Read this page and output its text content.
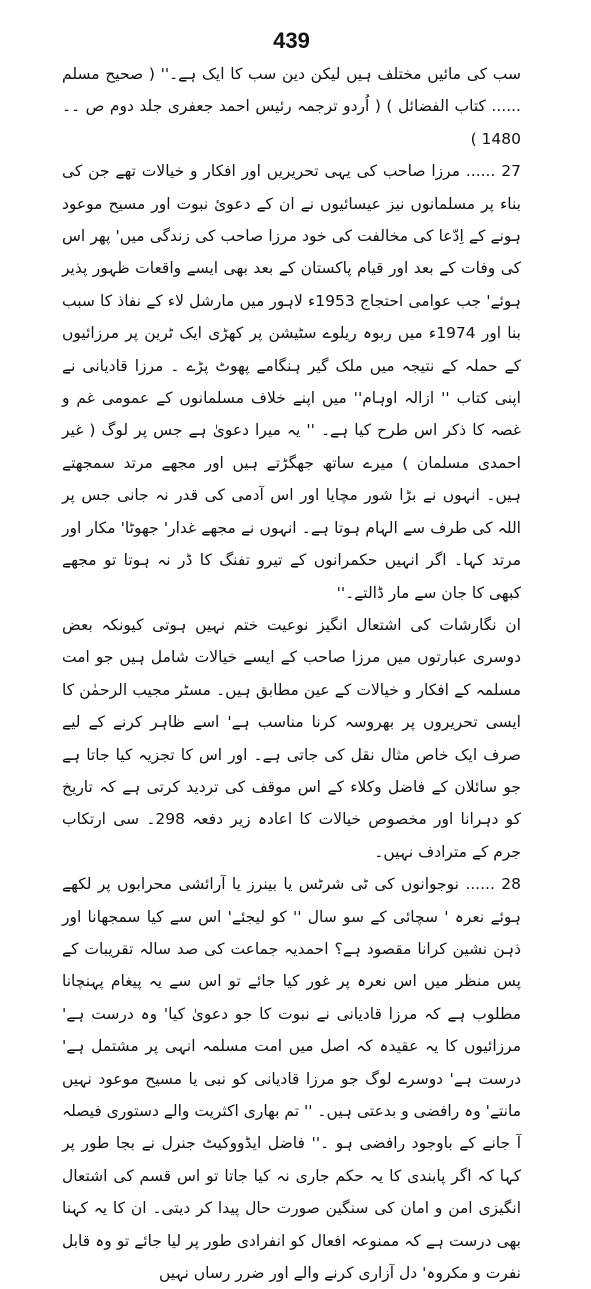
439

سب کی مائیں مختلف ہیں لیکن دین سب کا ایک ہے۔'' ( صحیح مسلم ...... کتاب الفضائل ) ( اُردو ترجمہ رئیس احمد جعفری جلد دوم ص ۔۔ 1480 )

27 ...... مرزا صاحب کی یہی تحریریں اور افکار و خیالات تھے جن کی بناء پر مسلمانوں نیز عیسائیوں نے ان کے دعوئ نبوت اور مسیح موعود ہونے کے اِدّعا کی مخالفت کی خود مرزا صاحب کی زندگی میں' پھر اس کی وفات کے بعد اور قیام پاکستان کے بعد بھی ایسے واقعات ظہور پذیر ہوئے' جب عوامی احتجاج 1953ء لاہور میں مارشل لاء کے نفاذ کا سبب بنا اور 1974ء میں ربوہ ریلوے سٹیشن پر کھڑی ایک ٹرین پر مرزائیوں کے حملہ کے نتیجہ میں ملک گیر ہنگامے پھوٹ پڑے ۔ مرزا قادیانی نے اپنی کتاب '' ازالہ اوہام'' میں اپنے خلاف مسلمانوں کے عمومی غم و غصہ کا ذکر اس طرح کیا ہے۔ '' یہ میرا دعویٰ ہے جس پر لوگ ( غیر احمدی مسلمان ) میرے ساتھ جھگڑتے ہیں اور مجھے مرتد سمجھتے ہیں۔ انہوں نے بڑا شور مچایا اور اس آدمی کی قدر نہ جانی جس پر اللہ کی طرف سے الہام ہوتا ہے۔ انہوں نے مجھے غدار' جھوٹا' مکار اور مرتد کہا۔ اگر انہیں حکمرانوں کے تیرو تفنگ کا ڈر نہ ہوتا تو مجھے کبھی کا جان سے مار ڈالتے۔''

ان نگارشات کی اشتعال انگیز نوعیت ختم نہیں ہوتی کیونکہ بعض دوسری عبارتوں میں مرزا صاحب کے ایسے خیالات شامل ہیں جو امت مسلمہ کے افکار و خیالات کے عین مطابق ہیں۔ مسٹر مجیب الرحمٰن کا ایسی تحریروں پر بھروسہ کرنا مناسب ہے' اسے ظاہر کرنے کے لیے صرف ایک خاص مثال نقل کی جاتی ہے۔ اور اس کا تجزیہ کیا جاتا ہے جو سائلان کے فاضل وکلاء کے اس موقف کی تردید کرتی ہے کہ تاریخ کو دہرانا اور مخصوص خیالات کا اعادہ زیر دفعہ 298۔ سی ارتکاب جرم کے مترادف نہیں۔

28 ...... نوجوانوں کی ٹی شرٹس یا بینرز یا آرائشی محرابوں پر لکھے ہوئے نعرہ ' سچائی کے سو سال '' کو لیجئے' اس سے کیا سمجھانا اور ذہن نشین کرانا مقصود ہے؟ احمدیہ جماعت کی صد سالہ تقریبات کے پس منظر میں اس نعرہ پر غور کیا جائے تو اس سے یہ پیغام پہنچانا مطلوب ہے کہ مرزا قادیانی نے نبوت کا جو دعویٰ کیا' وہ درست ہے' مرزائیوں کا یہ عقیدہ کہ اصل میں امت مسلمہ انہی پر مشتمل ہے' درست ہے' دوسرے لوگ جو مرزا قادیانی کو نبی یا مسیح موعود نہیں مانتے' وہ رافضی و بدعتی ہیں۔ '' تم بھاری اکثریت والے دستوری فیصلہ آ جانے کے باوجود رافضی ہو ۔'' فاضل ایڈووکیٹ جنرل نے بجا طور پر کہا کہ اگر پابندی کا یہ حکم جاری نہ کیا جاتا تو اس قسم کی اشتعال انگیزی امن و امان کی سنگین صورت حال پیدا کر دیتی۔ ان کا یہ کہنا بھی درست ہے کہ ممنوعہ افعال کو انفرادی طور پر لیا جائے تو وہ قابل نفرت و مکروہ' دل آزاری کرنے والے اور ضرر رساں نہیں
